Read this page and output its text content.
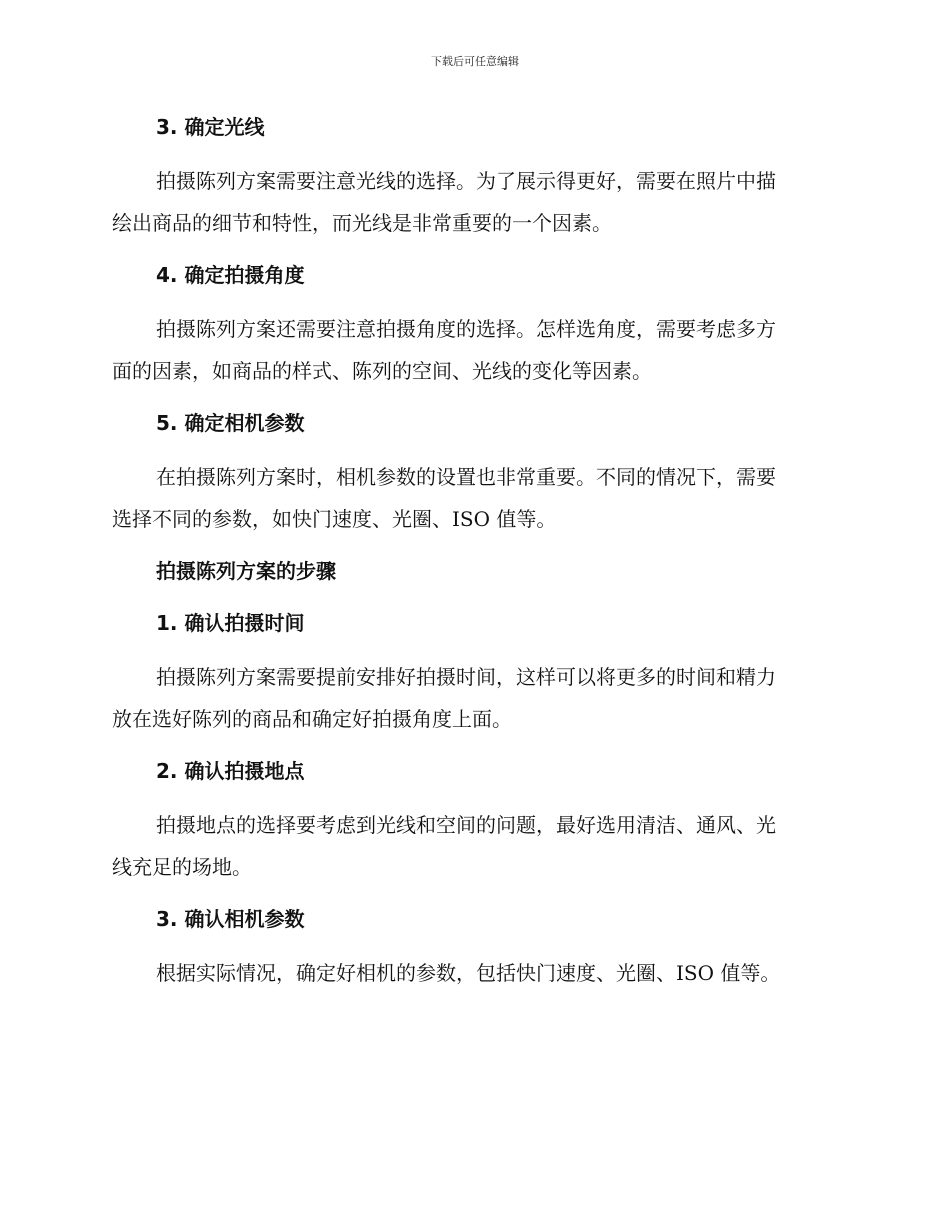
下载后可任意编辑
3. 确定光线
拍摄陈列方案需要注意光线的选择。为了展示得更好，需要在照片中描
绘出商品的细节和特性，而光线是非常重要的一个因素。
4. 确定拍摄角度
拍摄陈列方案还需要注意拍摄角度的选择。怎样选角度，需要考虑多方
面的因素，如商品的样式、陈列的空间、光线的变化等因素。
5. 确定相机参数
在拍摄陈列方案时，相机参数的设置也非常重要。不同的情况下，需要
选择不同的参数，如快门速度、光圈、ISO 值等。
拍摄陈列方案的步骤
1. 确认拍摄时间
拍摄陈列方案需要提前安排好拍摄时间，这样可以将更多的时间和精力
放在选好陈列的商品和确定好拍摄角度上面。
2. 确认拍摄地点
拍摄地点的选择要考虑到光线和空间的问题，最好选用清洁、通风、光
线充足的场地。
3. 确认相机参数
根据实际情况，确定好相机的参数，包括快门速度、光圈、ISO 值等。
